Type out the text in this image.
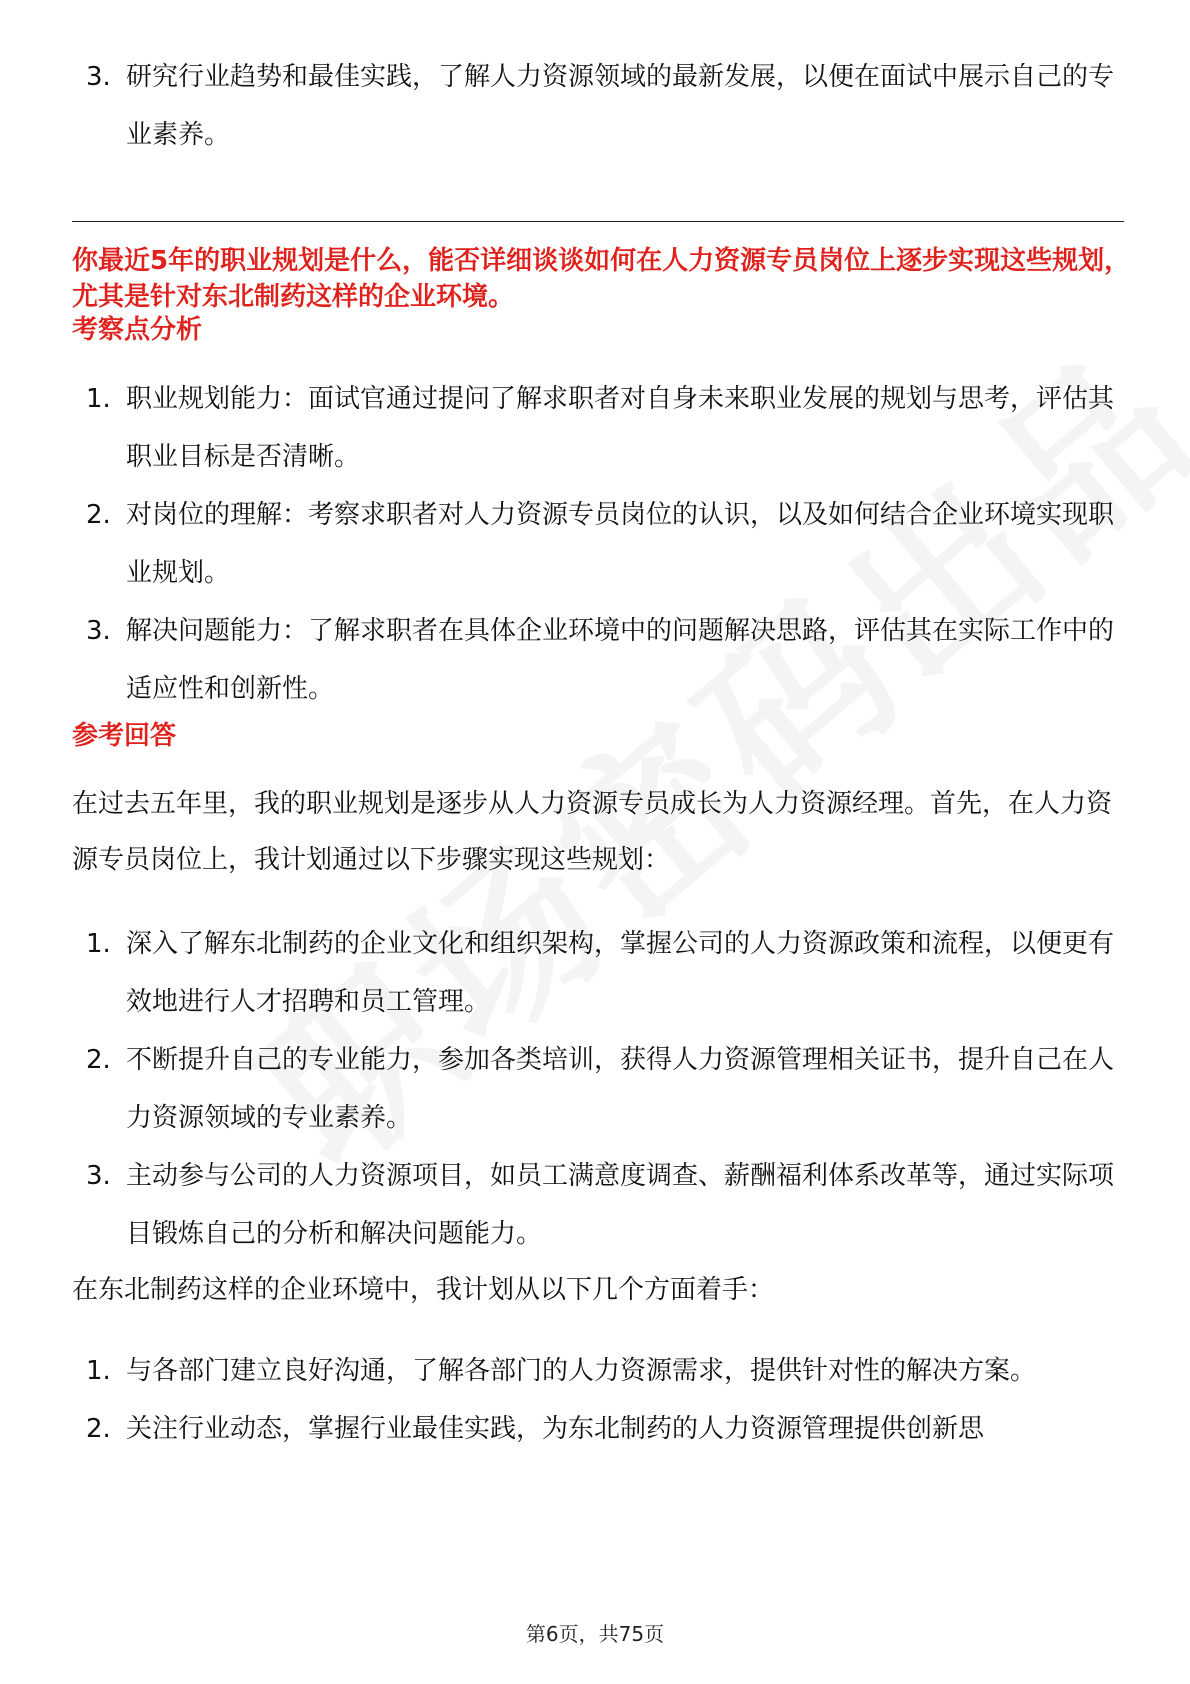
3. 研究行业趋势和最佳实践，了解人力资源领域的最新发展，以便在面试中展示自己的专业素养。
你最近5年的职业规划是什么，能否详细谈谈如何在人力资源专员岗位上逐步实现这些规划，尤其是针对东北制药这样的企业环境。
考察点分析
1. 职业规划能力：面试官通过提问了解求职者对自身未来职业发展的规划与思考，评估其职业目标是否清晰。
2. 对岗位的理解：考察求职者对人力资源专员岗位的认识，以及如何结合企业环境实现职业规划。
3. 解决问题能力：了解求职者在具体企业环境中的问题解决思路，评估其在实际工作中的适应性和创新性。
参考回答
在过去五年里，我的职业规划是逐步从人力资源专员成长为人力资源经理。首先，在人力资源专员岗位上，我计划通过以下步骤实现这些规划：
1. 深入了解东北制药的企业文化和组织架构，掌握公司的人力资源政策和流程，以便更有效地进行人才招聘和员工管理。
2. 不断提升自己的专业能力，参加各类培训，获得人力资源管理相关证书，提升自己在人力资源领域的专业素养。
3. 主动参与公司的人力资源项目，如员工满意度调查、薪酬福利体系改革等，通过实际项目锻炼自己的分析和解决问题能力。
在东北制药这样的企业环境中，我计划从以下几个方面着手：
1. 与各部门建立良好沟通，了解各部门的人力资源需求，提供针对性的解决方案。
2. 关注行业动态，掌握行业最佳实践，为东北制药的人力资源管理提供创新思
第6页，共75页
